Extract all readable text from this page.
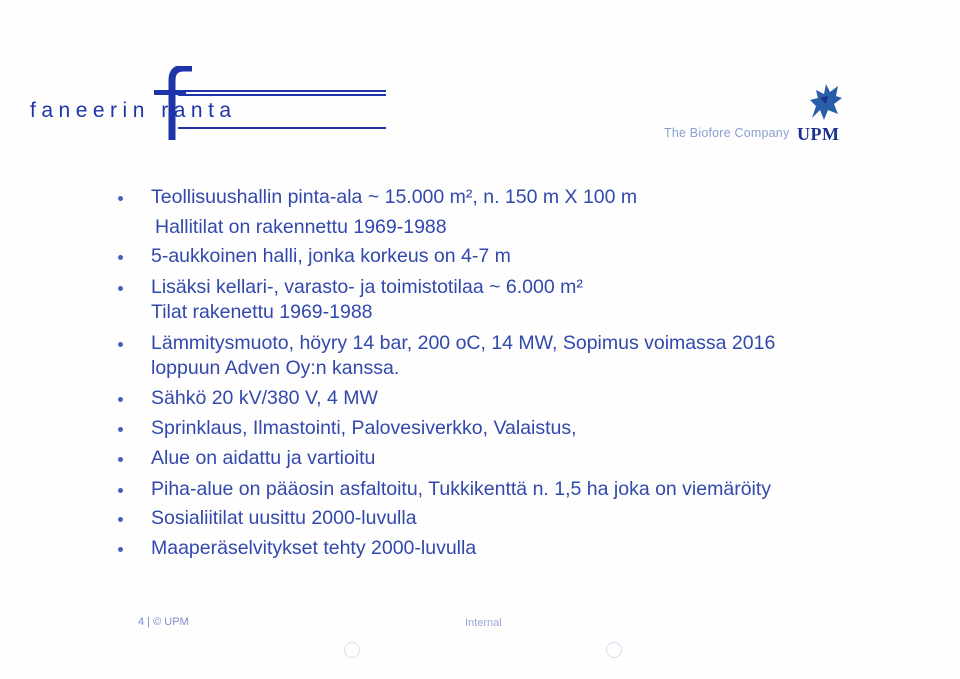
faneerin ranta
The Biofore Company UPM
Teollisuushallin pinta-ala ~ 15.000 m², n. 150 m X 100 m
Hallitilat on rakennettu 1969-1988
5-aukkoinen halli, jonka korkeus on 4-7 m
Lisäksi kellari-, varasto- ja toimistotilaa ~ 6.000 m²
Tilat rakenettu 1969-1988
Lämmitysmuoto, höyry 14 bar, 200 oC, 14 MW, Sopimus voimassa 2016
loppuun Adven Oy:n kanssa.
Sähkö 20 kV/380 V, 4 MW
Sprinklaus, Ilmastointi, Palovesiverkko, Valaistus,
Alue on aidattu ja vartioitu
Piha-alue on pääosin asfaltoitu, Tukkikenttä n. 1,5 ha joka on viemäröity
Sosialiitilat uusittu 2000-luvulla
Maaperäselvitykset tehty 2000-luvulla
4 | © UPM	Internal
